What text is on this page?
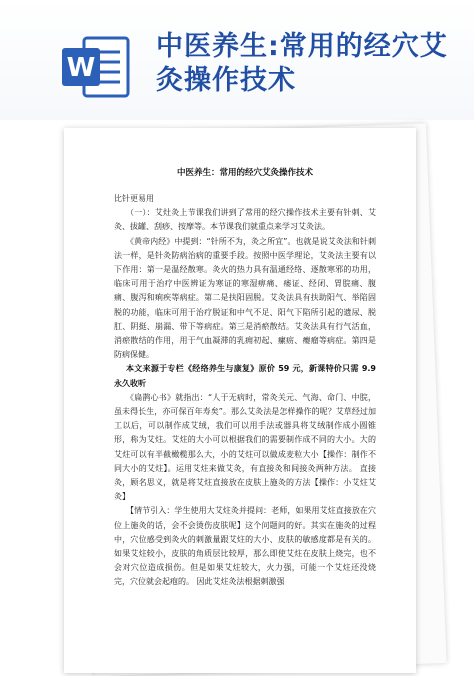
W
中医养生:常用的经穴艾灸操作技术
中医养生：常用的经穴艾灸操作技术

比针更易用

（一）：艾灶灸上节课我们讲到了常用的经穴操作技术主要有针刺、艾灸、拔罐、刮痧、按摩等。本节课我们就重点来学习艾灸法。

《黄帝内经》中提到：“针所不为，灸之所宜”。也就是说艾灸法和针刺法一样，是针灸防病治病的重要手段。按照中医学理论，艾灸法主要有以下作用：第一是温经散寒。灸火的热力具有温通经络、逐散寒邪的功用，临床可用于治疗中医辨证为寒证的寒湿痹痛、痿证、经闭、胃脘痛、腹痛、腹泻和痢疾等病症。第二是扶阳固脱。艾灸法具有扶助阳气、举陷固脱的功能，临床可用于治疗脱证和中气不足、阳气下陷所引起的遗尿、脱肛、阴挺、崩漏、带下等病症。第三是消瘀散结。艾灸法具有行气活血，消瘀散结的作用，用于气血凝滞的乳痈初起、瘰疬、瘿瘤等病症。第四是防病保健。

本文来源于专栏《经络养生与康复》原价 59 元，新课特价只需 9.9 永久收听

《扁鹊心书》就指出：“人于无病时，常灸关元、气海、命门、中脘，虽未得长生，亦可保百年寿矣”。那么艾灸法是怎样操作的呢？艾草经过加工以后，可以制作成艾绒，我们可以用手法或器具将艾绒制作成小圆锥形，称为艾炷。艾炷的大小可以根据我们的需要制作成不同的大小。大的艾炷可以有半截橄榄那么大，小的艾炷可以做成麦粒大小【操作：制作不同大小的艾炷】。运用艾炷来做艾灸，有直接灸和间接灸两种方法。 直接灸，顾名思义，就是将艾炷直接放在皮肤上施灸的方法【操作：小艾炷艾灸】

【情节引入：学生使用大艾炷灸并提问：老师，如果用艾炷直接放在穴位上施灸的话，会不会烫伤皮肤呢】这个问题问的好。其实在施灸的过程中，穴位感受到灸火的刺激量跟艾炷的大小、皮肤的敏感度都是有关的。如果艾炷较小，皮肤的角质层比较厚，那么即使艾炷在皮肤上烧完，也不会对穴位造成损伤。但是如果艾炷较大，火力强，可能一个艾炷还没烧完，穴位就会起疱的。 因此艾炷灸法根据刺激强
